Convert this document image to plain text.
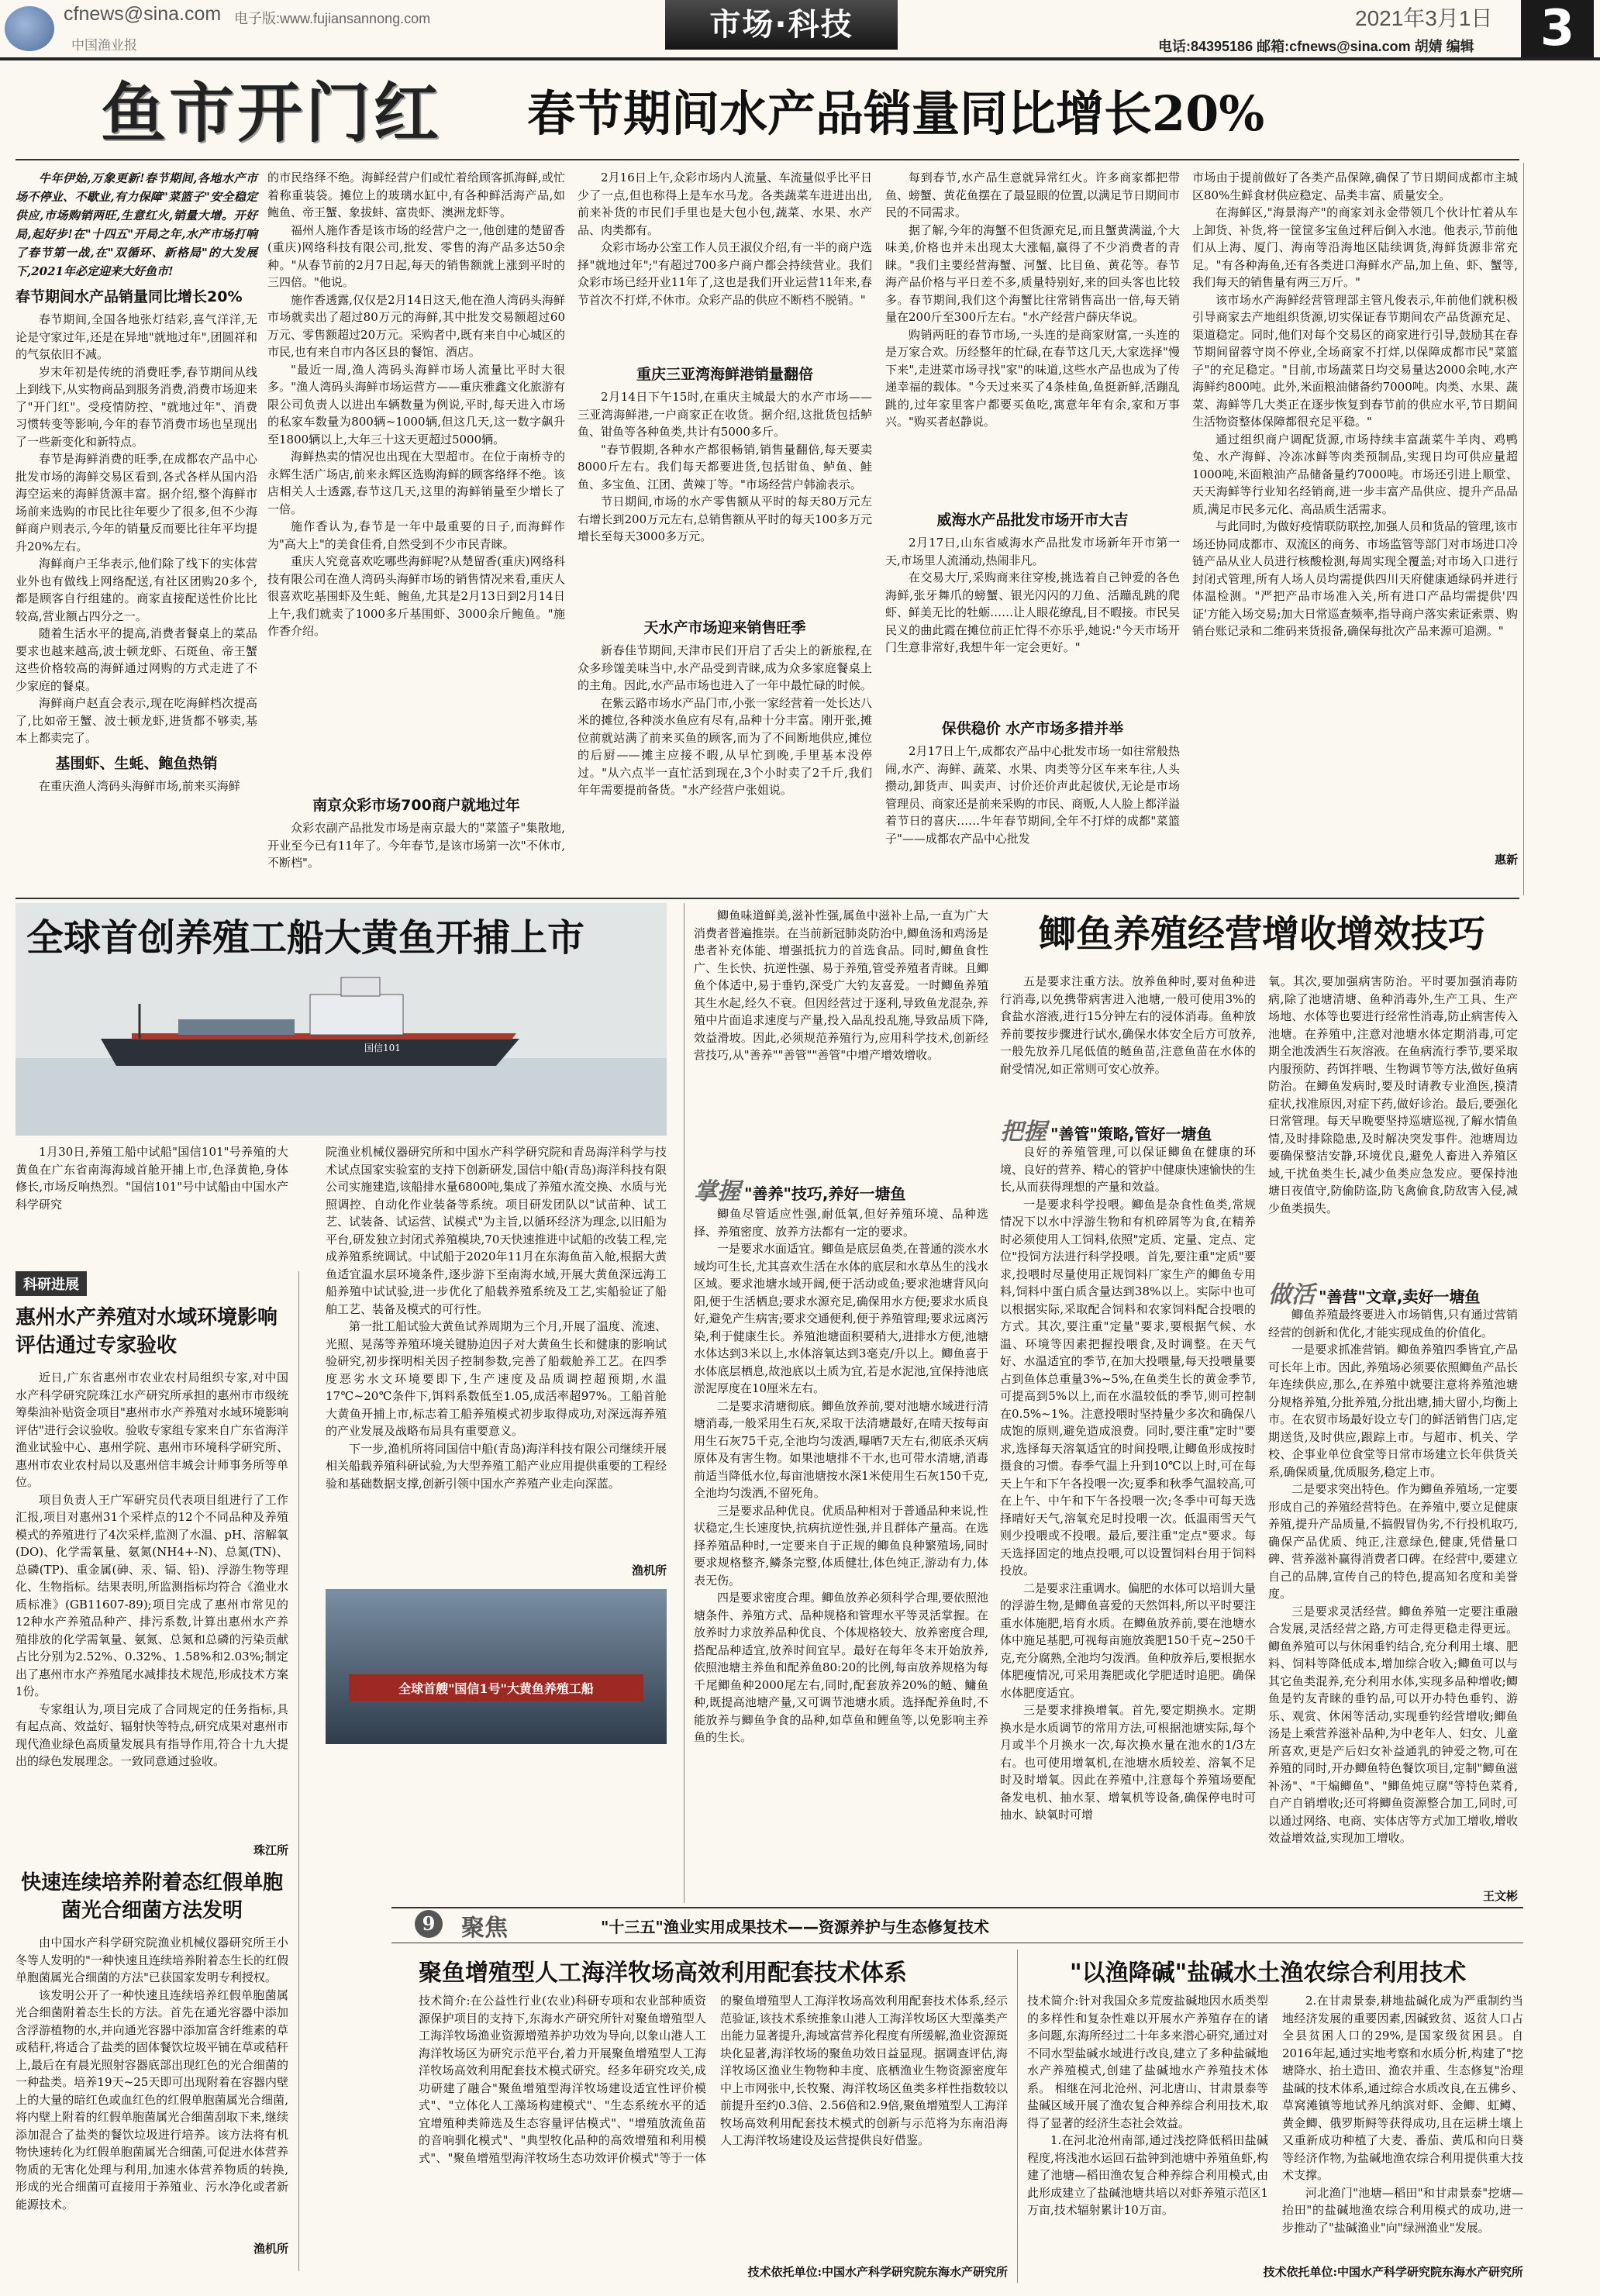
cfnews@sina.com 电子版:www.fujiansannong.com
中国渔业报
市场·科技	2021年3月1日
电话:84395186 邮箱:cfnews@sina.com 胡婧 编辑	3
鱼市开门红 春节期间水产品销量同比增长20%
牛年伊始,万象更新!春节期间,各地水产市场不停业、不歇业,有力保障"菜篮子"安全稳定供应,市场购销两旺,生意红火,销量大增。开好局,起好步!在"十四五"开局之年,水产市场打响了春节第一战,在"双循环、新格局"的大发展下,2021年必定迎来大好鱼市!
春节期间水产品销量同比增长20%

春节期间,全国各地张灯结彩,喜气洋洋,无论是守家过年,还是在异地"就地过年",团圆祥和的气氛依旧不减。

岁末年初是传统的消费旺季,春节期间从线上到线下,从实物商品到服务消费,消费市场迎来了"开门红"。受疫情防控、"就地过年"、消费习惯转变等影响,今年的春节消费市场也呈现出了一些新变化和新特点。

春节是海鲜消费的旺季,在成都农产品中心批发市场的海鲜交易区看到,各式各样从国内沿海空运来的海鲜货源丰富。据介绍,整个海鲜市场前来选购的市民比往年要少了很多,但不少海鲜商户则表示,今年的销量反而要比往年平均提升20%左右。

海鲜商户王华表示,他们除了线下的实体营业外也有做线上网络配送,有社区团购20多个,都是顾客自行组建的。商家直接配送性价比比较高,营业额占四分之一。

随着生活水平的提高,消费者餐桌上的菜品要求也越来越高,波士顿龙虾、石斑鱼、帝王蟹这些价格较高的海鲜通过网购的方式走进了不少家庭的餐桌。

海鲜商户赵直会表示,现在吃海鲜档次提高了,比如帝王蟹、波士顿龙虾,进货都不够卖,基本上都卖完了。

基围虾、生蚝、鲍鱼热销

在重庆渔人湾码头海鲜市场,前来买海鲜

的市民络绎不绝。海鲜经营户们或忙着给顾客抓海鲜,或忙着称重装袋。摊位上的玻璃水缸中,有各种鲜活海产品,如鲍鱼、帝王蟹、象拔蚌、富贵虾、澳洲龙虾等。

福州人施作香是该市场的经营户之一,他创建的楚留香(重庆)网络科技有限公司,批发、零售的海产品多达50余种。"从春节前的2月7日起,每天的销售额就上涨到平时的三四倍。"他说。

施作香透露,仅仅是2月14日这天,他在渔人湾码头海鲜市场就卖出了超过80万元的海鲜,其中批发交易额超过60万元、零售额超过20万元。采购者中,既有来自中心城区的市民,也有来自市内各区县的餐馆、酒店。

"最近一周,渔人湾码头海鲜市场人流量比平时大很多。"渔人湾码头海鲜市场运营方——重庆雅鑫文化旅游有限公司负责人以进出车辆数量为例说,平时,每天进入市场的私家车数量为800辆~1000辆,但这几天,这一数字飙升至1800辆以上,大年三十这天更超过5000辆。

海鲜热卖的情况也出现在大型超市。在位于南桥寺的永辉生活广场店,前来永辉区选购海鲜的顾客络绎不绝。该店相关人士透露,春节这几天,这里的海鲜销量至少增长了一倍。

施作香认为,春节是一年中最重要的日子,而海鲜作为"高大上"的美食佳肴,自然受到不少市民青睐。

重庆人究竟喜欢吃哪些海鲜呢?从楚留香(重庆)网络科技有限公司在渔人湾码头海鲜市场的销售情况来看,重庆人很喜欢吃基围虾及生蚝、鲍鱼,尤其是2月13日到2月14日上午,我们就卖了1000多斤基围虾、3000余斤鲍鱼。"施作香介绍。

南京众彩市场700商户就地过年

众彩农副产品批发市场是南京最大的"菜篮子"集散地,开业至今已有11年了。今年春节,是该市场第一次"不休市,不断档"。

2月16日上午,众彩市场内人流量、车流量似乎比平日少了一点,但也称得上是车水马龙。各类蔬菜车进进出出,前来补货的市民们手里也是大包小包,蔬菜、水果、水产品、肉类都有。

众彩市场办公室工作人员王淑仪介绍,有一半的商户选择"就地过年";"有超过700多户商户都会持续营业。我们众彩市场已经开业11年了,这也是我们开业运营11年来,春节首次不打烊,不休市。众彩产品的供应不断档不脱销。"

重庆三亚湾海鲜港销量翻倍

2月14日下午15时,在重庆主城最大的水产市场——三亚湾海鲜港,一户商家正在收货。据介绍,这批货包括鲈鱼、钳鱼等各种鱼类,共计有5000多斤。

"春节假期,各种水产都很畅销,销售量翻倍,每天要卖8000斤左右。我们每天都要进货,包括钳鱼、鲈鱼、鲑鱼、多宝鱼、江团、黄辣丁等。"市场经营户韩渝表示。

节日期间,市场的水产零售额从平时的每天80万元左右增长到200万元左右,总销售额从平时的每天100多万元增长至每天3000多万元。

天水产市场迎来销售旺季

新春佳节期间,天津市民们开启了舌尖上的新旅程,在众多珍馐美味当中,水产品受到青睐,成为众多家庭餐桌上的主角。因此,水产品市场也进入了一年中最忙碌的时候。

在紫云路市场水产品门市,小张一家经营着一处长达八米的摊位,各种淡水鱼应有尽有,品种十分丰富。刚开张,摊位前就站满了前来买鱼的顾客,而为了不间断地供应,摊位的后厨——摊主应接不暇,从早忙到晚,手里基本没停过。"从六点半一直忙活到现在,3个小时卖了2千斤,我们年年需要提前备货。"水产经营户张姐说。

每到春节,水产品生意就异常红火。许多商家都把带鱼、螃蟹、黄花鱼摆在了最显眼的位置,以满足节日期间市民的不同需求。

据了解,今年的海蟹不但货源充足,而且蟹黄满溢,个大味美,价格也并未出现太大涨幅,赢得了不少消费者的青睐。"我们主要经营海蟹、河蟹、比目鱼、黄花等。春节海产品价格与平日差不多,质量特别好,来的回头客也比较多。春节期间,我们这个海蟹比往常销售高出一倍,每天销量在200斤至300斤左右。"水产经营户薛庆华说。

购销两旺的春节市场,一头连的是商家财富,一头连的是万家合欢。历经整年的忙碌,在春节这几天,大家选择"慢下来",走进菜市场寻找"家"的味道,这些水产品也成为了传递幸福的载体。"今天过来买了4条桂鱼,鱼挺新鲜,活蹦乱跳的,过年家里客户都要买鱼吃,寓意年年有余,家和万事兴。"购买者赵静说。

威海水产品批发市场开市大吉

2月17日,山东省威海水产品批发市场新年开市第一天,市场里人流涌动,热闹非凡。

在交易大厅,采购商来往穿梭,挑选着自己钟爱的各色海鲜,张牙舞爪的螃蟹、银光闪闪的刀鱼、活蹦乱跳的爬虾、鲜美无比的牡蛎……让人眼花缭乱,目不暇接。市民吴民义的曲此霞在摊位前正忙得不亦乐乎,她说:"今天市场开门生意非常好,我想牛年一定会更好。"

保供稳价 水产市场多措并举

2月17日上午,成都农产品中心批发市场一如往常般热闹,水产、海鲜、蔬菜、水果、肉类等分区车来车往,人头攒动,卸货声、叫卖声、讨价还价声此起彼伏,无论是市场管理员、商家还是前来采购的市民、商贩,人人脸上都洋溢着节日的喜庆……牛年春节期间,全年不打烊的成都"菜篮子"——成都农产品中心批发

市场由于提前做好了各类产品保障,确保了节日期间成都市主城区80%生鲜食材供应稳定、品类丰富、质量安全。

在海鲜区,"海景海产"的商家刘永金带领几个伙计忙着从车上卸货、补货,将一筐筐多宝鱼过秤后倒入水池。他表示,节前他们从上海、厦门、海南等沿海地区陆续调货,海鲜货源非常充足。"有各种海鱼,还有各类进口海鲜水产品,加上鱼、虾、蟹等,我们每天的销售量有两三万斤。"

该市场水产海鲜经营管理部主管凡俊表示,年前他们就积极引导商家去产地组织货源,切实保证春节期间农产品货源充足、渠道稳定。同时,他们对每个交易区的商家进行引导,鼓励其在春节期间留蓉守岗不停业,全场商家不打烊,以保障成都市民"菜篮子"的充足稳定。"目前,市场蔬菜日均交易量达2000余吨,水产海鲜约800吨。此外,米面粮油储备约7000吨。肉类、水果、蔬菜、海鲜等几大类正在逐步恢复到春节前的供应水平,节日期间生活物资整体保障都很充足平稳。"

通过组织商户调配货源,市场持续丰富蔬菜牛羊肉、鸡鸭兔、水产海鲜、冷冻冰鲜等肉类预制品,实现日均可供应量超1000吨,米面粮油产品储备量约7000吨。市场还引进上顺堂、天天海鲜等行业知名经销商,进一步丰富产品供应、提升产品品质,满足市民多元化、高品质生活需求。

与此同时,为做好疫情联防联控,加强人员和货品的管理,该市场还协同成都市、双流区的商务、市场监管等部门对市场进口冷链产品从业人员进行核酸检测,每周实现全覆盖;对市场入口进行封闭式管理,所有人场人员均需提供四川天府健康通绿码并进行体温检测。"严把产品市场准入关,所有进口产品均需提供'四证'方能入场交易;加大日常巡查频率,指导商户落实索证索票、购销台账记录和二维码来货报备,确保每批次产品来源可追溯。"

惠新
全球首创养殖工船大黄鱼开捕上市
国信101

1月30日,养殖工船中试船"国信101"号养殖的大黄鱼在广东省南海海域首舱开捕上市,色泽黄艳,身体修长,市场反响热烈。"国信101"号中试船由中国水产科学研究

院渔业机械仪器研究所和中国水产科学研究院和青岛海洋科学与技术试点国家实验室的支持下创新研发,国信中船(青岛)海洋科技有限公司实施建造,该船排水量6800吨,集成了养殖水流交换、水质与光照调控、自动化作业装备等系统。项目研发团队以"试苗种、试工艺、试装备、试运营、试模式"为主旨,以循环经济为理念,以旧船为平台,研发独立封闭式养殖模块,70天快速推进中试船的改装工程,完成养殖系统调试。中试船于2020年11月在东海鱼苗入舱,根据大黄鱼适宜温水层环境条件,逐步游下至南海水域,开展大黄鱼深远海工船养殖中试试验,进一步优化了船载养殖系统及工艺,实船验证了船舶工艺、装备及模式的可行性。

第一批工船试验大黄鱼试养周期为三个月,开展了温度、流速、光照、晃荡等养殖环境关键胁迫因子对大黄鱼生长和健康的影响试验研究,初步探明相关因子控制参数,完善了船载舱养工艺。在四季度恶劣水文环境要即下,生产速度及品质调控超预期,水温17℃~20℃条件下,饵料系数低至1.05,成活率超97%。工船首舱大黄鱼开捕上市,标志着工船养殖模式初步取得成功,对深远海养殖的产业发展及战略布局具有重要意义。

下一步,渔机所将同国信中船(青岛)海洋科技有限公司继续开展相关船载养殖科研试验,为大型养殖工船产业应用提供重要的工程经验和基础数据支撑,创新引领中国水产养殖产业走向深蓝。

渔机所
全球首艘"国信1号"大黄鱼养殖工船
科研进展
惠州水产养殖对水域环境影响评估通过专家验收

近日,广东省惠州市农业农村局组织专家,对中国水产科学研究院珠江水产研究所承担的惠州市市级统筹柴油补贴资金项目"惠州市水产养殖对水域环境影响评估"进行会议验收。验收专家组专家来自广东省海洋渔业试验中心、惠州学院、惠州市环境科学研究所、惠州市农业农村局以及惠州信丰城会计师事务所等单位。

项目负责人王广军研究员代表项目组进行了工作汇报,项目对惠州31个采样点的12个不同品种及养殖模式的养殖进行了4次采样,监测了水温、pH、溶解氧(DO)、化学需氧量、氨氮(NH4+-N)、总氮(TN)、总磷(TP)、重金属(砷、汞、镉、铅)、浮游生物等理化、生物指标。结果表明,所监测指标均符合《渔业水质标准》(GB11607-89);项目完成了惠州市常见的12种水产养殖品种产、排污系数,计算出惠州水产养殖排放的化学需氧量、氨氮、总氮和总磷的污染贡献占比分别为2.52%、0.32%、1.58%和2.03%;制定出了惠州市水产养殖尾水减排技术规范,形成技术方案1份。

专家组认为,项目完成了合同规定的任务指标,具有起点高、效益好、辐射快等特点,研究成果对惠州市现代渔业绿色高质量发展具有指导作用,符合十九大提出的绿色发展理念。一致同意通过验收。

珠江所
快速连续培养附着态红假单胞菌光合细菌方法发明

由中国水产科学研究院渔业机械仪器研究所王小冬等人发明的"一种快速且连续培养附着态生长的红假单胞菌属光合细菌的方法"已获国家发明专利授权。

该发明公开了一种快速且连续培养红假单胞菌属光合细菌附着态生长的方法。首先在通光容器中添加含浮游植物的水,并向通光容器中添加富含纤维素的草或秸秆,将适合了盐类的固体餐饮垃圾平铺在草或秸秆上,最后在有晨光照射容器底部出现红色的光合细菌的一种盐类。培养19天~25天即可出现附着在容器内壁上的大量的暗红色或血红色的红假单胞菌属光合细菌,将内壁上附着的红假单胞菌属光合细菌刮取下来,继续添加混合了盐类的餐饮垃圾进行培养。该方法将有机物快速转化为红假单胞菌属光合细菌,可促进水体营养物质的无害化处理与利用,加速水体营养物质的转换,形成的光合细菌可直接用于养殖业、污水净化或者新能源技术。

渔机所

鲫鱼味道鲜美,滋补性强,属鱼中滋补上品,一直为广大消费者普遍推崇。在当前新冠肺炎防治中,鲫鱼汤和鸡汤是患者补充体能、增强抵抗力的首选食品。同时,鲫鱼食性广、生长快、抗逆性强、易于养殖,管受养殖者青睐。且鲫鱼个体适中,易于垂钓,深受广大钓友喜爱。一时鲫鱼养殖其生水起,经久不衰。但因经营过于逐利,导致鱼龙混杂,养殖中片面追求速度与产量,投入品乱投乱施,导致品质下降,效益滑坡。因此,必须规范养殖行为,应用科学技术,创新经营技巧,从"善养""善管""善管"中增产增效增收。

鲫鱼养殖经营增收增效技巧
掌握 "善养"技巧,养好一塘鱼

鲫鱼尽管适应性强,耐低氧,但好养殖环境、品种选择、养殖密度、放养方法都有一定的要求。

一是要求水面适宜。鲫鱼是底层鱼类,在普通的淡水水域均可生长,尤其喜欢生活在水体的底层和水草丛生的浅水区域。要求池塘水域开阔,便于活动或鱼;要求池塘背风向阳,便于生活栖息;要求水源充足,确保用水方便;要求水质良好,避免产生病害;要求交通便利,便于养殖管理;要求远离污染,利于健康生长。养殖池塘面积要稍大,进排水方便,池塘水体达到3米以上,水体溶氧达到3毫克/升以上。鲫鱼喜于水体底层栖息,故池底以土质为宜,若是水泥池,宜保持池底淤泥厚度在10厘米左右。

二是要求清塘彻底。鲫鱼放养前,要对池塘水域进行清塘消毒,一般采用生石灰,采取干法清塘最好,在晴天按每亩用生石灰75千克,全池均匀泼洒,曝晒7天左右,彻底杀灭病原体及有害生物。如果池塘排不干水,也可带水清塘,消毒前适当降低水位,每亩池塘按水深1米使用生石灰150千克,全池均匀泼洒,不留死角。

三是要求品种优良。优质品种相对于普通品种来说,性状稳定,生长速度快,抗病抗逆性强,并且群体产量高。在选择养殖品种时,一定要来自于正规的鲫鱼良种繁殖场,同时要求规格整齐,鳞条完整,体质健壮,体色纯正,游动有力,体表无伤。

四是要求密度合理。鲫鱼放养必须科学合理,要依照池塘条件、养殖方式、品种规格和管理水平等灵活掌握。在放养时力求放养品种优良、个体规格较大、放养密度合理,搭配品种适宜,放养时间宜早。最好在每年冬末开始放养,依照池塘主养鱼和配养鱼80:20的比例,每亩放养规格为每千尾鲫鱼种2000尾左右,同时,配套放养20%的鲢、鳙鱼种,既提高池塘产量,又可调节池塘水质。选择配养鱼时,不能放养与鲫鱼争食的品种,如草鱼和鲤鱼等,以免影响主养鱼的生长。

五是要求注重方法。放养鱼种时,要对鱼种进行消毒,以免携带病害进入池塘,一般可使用3%的食盐水溶液,进行15分钟左右的浸体消毒。鱼种放养前要按步骤进行试水,确保水体安全后方可放养,一般先放养几尾低值的鲢鱼苗,注意鱼苗在水体的耐受情况,如正常则可安心放养。

把握 "善管"策略,管好一塘鱼

良好的养殖管理,可以保证鲫鱼在健康的环境、良好的营养、精心的管护中健康快速愉快的生长,从而获得理想的产量和效益。

一是要求科学投喂。鲫鱼是杂食性鱼类,常规情况下以水中浮游生物和有机碎屑等为食,在精养时必须使用人工饲料,依照"定质、定量、定点、定位"投饲方法进行科学投喂。首先,要注重"定质"要求,投喂时尽量使用正规饲料厂家生产的鲫鱼专用料,饲料中蛋白质含量达到38%以上。实际中也可以根据实际,采取配合饲料和农家饲料配合投喂的方式。其次,要注重"定量"要求,要根据气候、水温、环境等因素把握投喂食,及时调整。在天气好、水温适宜的季节,在加大投喂量,每天投喂量要占到鱼体总重量3%~5%,在鱼类生长的黄金季节,可提高到5%以上,而在水温较低的季节,则可控制在0.5%~1%。注意投喂时坚持量少多次和确保八成饱的原则,避免造成浪费。同时,要注重"定时"要求,选择每天溶氧适宜的时间投喂,让鲫鱼形成按时摄食的习惯。春季气温上升到10℃以上时,可在每天上午和下午各投喂一次;夏季和秋季气温较高,可在上午、中午和下午各投喂一次;冬季中可每天选择晴好天气,溶氧充足时投喂一次。低温雨雪天气则少投喂或不投喂。最后,要注重"定点"要求。每天选择固定的地点投喂,可以设置饲料台用于饲料投放。

二是要求注重调水。偏肥的水体可以培训大量的浮游生物,是鲫鱼喜爱的天然饵料,所以平时要注重水体施肥,培育水质。在鲫鱼放养前,要在池塘水体中施足基肥,可视每亩施放粪肥150千克~250千克,充分腐熟,全池均匀泼洒。鱼种放养后,要根据水体肥瘦情况,可采用粪肥或化学肥适时追肥。确保水体肥度适宜。

三是要求排换增氧。首先,要定期换水。定期换水是水质调节的常用方法,可根据池塘实际,每个月或半个月换水一次,每次换水量在池水的1/3左右。也可使用增氧机,在池塘水质较差、溶氧不足时及时增氧。因此在养殖中,注意每个养殖场要配备发电机、抽水泵、增氧机等设备,确保停电时可抽水、缺氧时可增

氧。其次,要加强病害防治。平时要加强消毒防病,除了池塘清塘、鱼种消毒外,生产工具、生产场地、水体等也要进行经常性消毒,防止病害传入池塘。在养殖中,注意对池塘水体定期消毒,可定期全池泼洒生石灰溶液。在鱼病流行季节,要采取内服预防、药饵拌喂、生物调节等方法,做好鱼病防治。在鲫鱼发病时,要及时请教专业渔医,摸清症状,找准原因,对症下药,做好诊治。最后,要强化日常管理。每天早晚要坚持巡塘巡视,了解水情鱼情,及时排除隐患,及时解决突发事件。池塘周边要确保整洁安静,环境优良,避免人畜进入养殖区域,干扰鱼类生长,减少鱼类应急发应。要保持池塘日夜值守,防偷防盗,防飞禽偷食,防敌害入侵,减少鱼类损失。

做活 "善营"文章,卖好一塘鱼

鲫鱼养殖最终要进入市场销售,只有通过营销经营的创新和优化,才能实现成鱼的价值化。

一是要求抓准营销。鲫鱼养殖四季皆宜,产品可长年上市。因此,养殖场必须要依照鲫鱼产品长年连续供应,那么,在养殖中就要注意将养殖池塘分规格养殖,分批养殖,分批出塘,捕大留小,均衡上市。在农贸市场最好设立专门的鲜活销售门店,定期送货,及时供应,跟踪上市。与超市、机关、学校、企事业单位食堂等日常市场建立长年供货关系,确保质量,优质服务,稳定上市。

二是要求突出特色。作为鲫鱼养殖场,一定要形成自己的养殖经营特色。在养殖中,要立足健康养殖,提升产品质量,不搞假冒伪劣,不行投机取巧,确保产品优质、纯正,注意绿色,健康,凭借量口碑、营养滋补赢得消费者口碑。在经营中,要建立自己的品牌,宣传自己的特色,提高知名度和美誉度。

三是要求灵活经营。鲫鱼养殖一定要注重融合发展,灵活经营之路,方可走得更稳走得更远。鲫鱼养殖可以与休闲垂钓结合,充分利用土壤、肥料、饲料等降低成本,增加综合收入;鲫鱼可以与其它鱼类混养,充分利用水体,实现多品种增收;鲫鱼是钓友青睐的垂钓品,可以开办特色垂钓、游乐、观赏、休闲等活动,实现垂钓经营增收;鲫鱼汤是上乘营养滋补品种,为中老年人、妇女、儿童所喜欢,更是产后妇女补益通乳的钟爱之物,可在养殖的同时,开办鲫鱼特色餐饮项目,定制"鲫鱼滋补汤"、"干煸鲫鱼"、"鲫鱼炖豆腐"等特色菜肴,自产自销增收;还可将鲫鱼资源整合加工,同时,可以通过网络、电商、实体店等方式加工增收,增收效益增效益,实现加工增收。

王文彬
9	聚焦	"十三五"渔业实用成果技术——资源养护与生态修复技术
聚鱼增殖型人工海洋牧场高效利用配套技术体系

技术简介:在公益性行业(农业)科研专项和农业部种质资源保护项目的支持下,东海水产研究所针对聚鱼增殖型人工海洋牧场渔业资源增殖养护功效为导向,以象山港人工海洋牧场区为研究示范平台,着力开展聚鱼增殖型人工海洋牧场高效利用配套技术模式研究。经多年研究攻关,成功研建了融合"聚鱼增殖型海洋牧场建设适宜性评价模式"、"立体化人工藻场构建模式"、"生态系统水平的适宜增殖种类筛选及生态容量评估模式"、"增殖放流鱼苗的音响驯化模式"、"典型牧化品种的高效增殖和利用模式"、"聚鱼增殖型海洋牧场生态功效评价模式"等于一体的聚鱼增殖型人工海洋牧场高效利用配套技术体系,经示范验证,该技术系统推象山港人工海洋牧场区大型藻类产出能力显著提升,海域富营养化程度有所缓解,渔业资源斑块化显著,海洋牧场的聚鱼功效日益显现。据调查评估,海洋牧场区渔业生物物种丰度、底栖渔业生物资源密度年中上市网张中,长牧聚、海洋牧场区鱼类多样性指数较以前提升至约0.3倍、2.56倍和2.9倍,聚鱼增殖型人工海洋牧场高效利用配套技术模式的创新与示范将为东南沿海人工海洋牧场建设及运营提供良好借鉴。

技术依托单位:中国水产科学研究院东海水产研究所
"以渔降碱"盐碱水土渔农综合利用技术

技术简介:针对我国众多荒废盐碱地因水质类型的多样性和复杂性难以开展水产养殖存在的诸多问题,东海所经过二十年多来潜心研究,通过对不同水型盐碱水域进行改良,建立了多种盐碱地水产养殖模式,创建了盐碱地水产养殖技术体系。 相继在河北沧州、河北唐山、甘肃景泰等盐碱区域开展了渔农复合种养综合利用技术,取得了显著的经济生态社会效益。

1.在河北沧州南部,通过浅挖降低稻田盐碱程度,将浅池水运回石盐钟到池塘中养殖鱼虾,构建了池塘—稻田渔农复合种养综合利用模式,由此形成建立了盐碱池塘共培以对虾养殖示范区1万亩,技术辐射累计10万亩。

2.在甘肃景泰,耕地盐碱化成为严重制约当地经济发展的重要因素,因碱致贫、返贫人口占全县贫困人口的29%,是国家级贫困县。自2016年起,通过实地考察和水质分析,构建了"挖塘降水、抬土造田、渔农并重、生态修复"治理盐碱的技术体系,通过综合水质改良,在五佛乡、草窝滩镇等地试养凡纳滨对虾、金鲫、虹鳟、黄金鲫、俄罗斯鲟等获得成功,且在运耕土壤上又重新成功种植了大麦、番茄、黄瓜和向日葵等经济作物,为盐碱地渔农综合利用提供重大技术支撑。

河北渔门"池塘—稻田"和甘肃景泰"挖塘—抬田"的盐碱地渔农综合利用模式的成功,进一步推动了"盐碱渔业"向"绿洲渔业"发展。

技术依托单位:中国水产科学研究院东海水产研究所
